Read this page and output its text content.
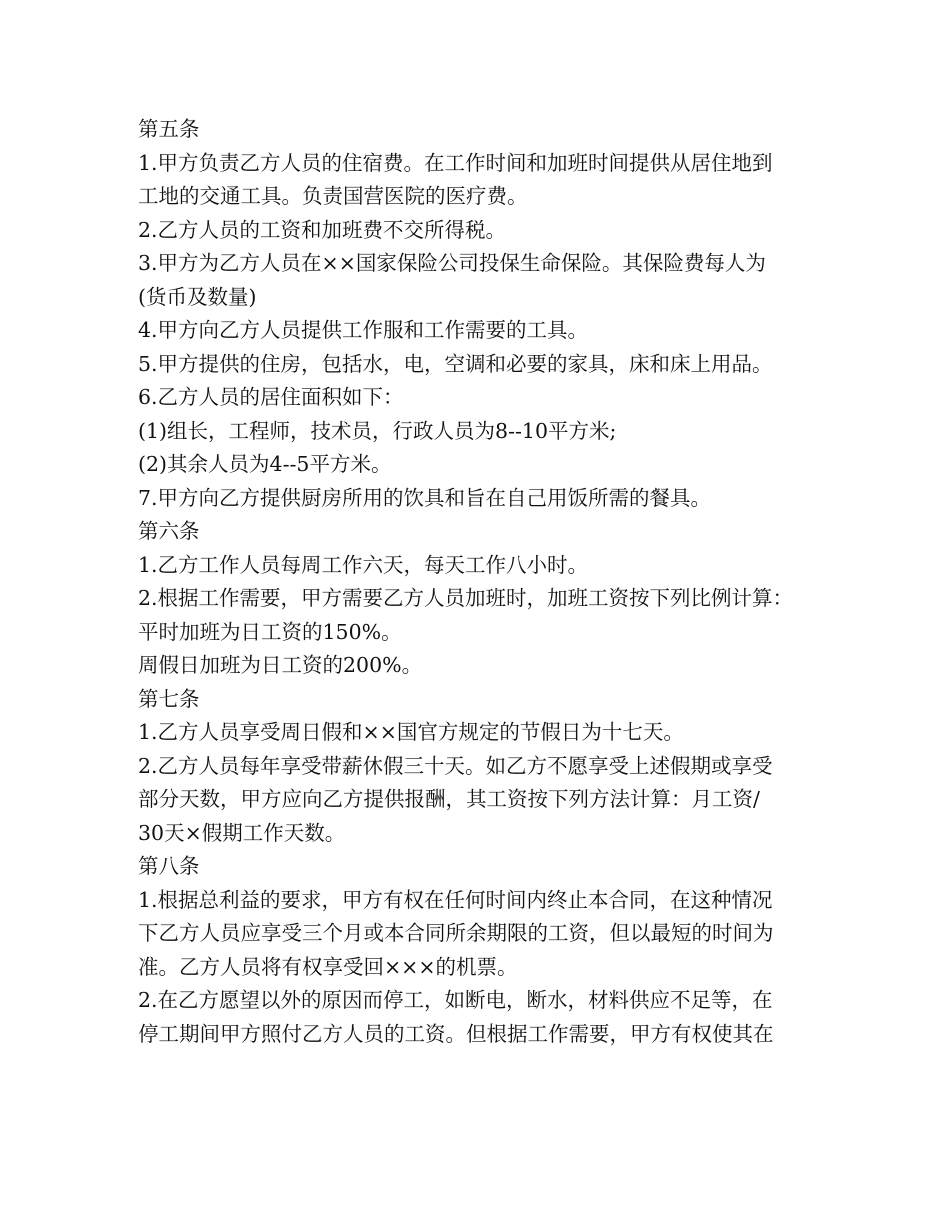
第五条
1.甲方负责乙方人员的住宿费。在工作时间和加班时间提供从居住地到
工地的交通工具。负责国营医院的医疗费。
2.乙方人员的工资和加班费不交所得税。
3.甲方为乙方人员在××国家保险公司投保生命保险。其保险费每人为
(货币及数量)
4.甲方向乙方人员提供工作服和工作需要的工具。
5.甲方提供的住房，包括水，电，空调和必要的家具，床和床上用品。
6.乙方人员的居住面积如下：
(1)组长，工程师，技术员，行政人员为8--10平方米;
(2)其余人员为4--5平方米。
7.甲方向乙方提供厨房所用的饮具和旨在自己用饭所需的餐具。
第六条
1.乙方工作人员每周工作六天，每天工作八小时。
2.根据工作需要，甲方需要乙方人员加班时，加班工资按下列比例计算：
平时加班为日工资的150%。
周假日加班为日工资的200%。
第七条
1.乙方人员享受周日假和××国官方规定的节假日为十七天。
2.乙方人员每年享受带薪休假三十天。如乙方不愿享受上述假期或享受
部分天数，甲方应向乙方提供报酬，其工资按下列方法计算：月工资/
30天×假期工作天数。
第八条
1.根据总利益的要求，甲方有权在任何时间内终止本合同，在这种情况
下乙方人员应享受三个月或本合同所余期限的工资，但以最短的时间为
准。乙方人员将有权享受回×××的机票。
2.在乙方愿望以外的原因而停工，如断电，断水，材料供应不足等，在
停工期间甲方照付乙方人员的工资。但根据工作需要，甲方有权使其在
